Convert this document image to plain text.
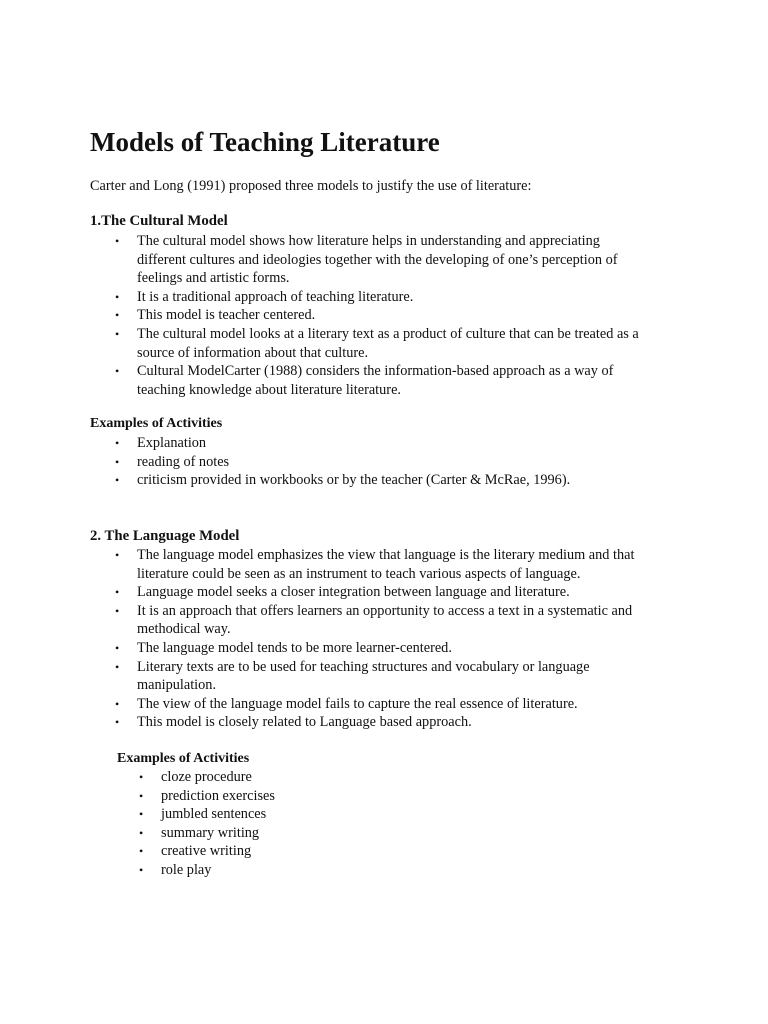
Models of Teaching Literature

Carter and Long (1991) proposed three models to justify the use of literature:

1.The Cultural Model
• The cultural model shows how literature helps in understanding and appreciating
different cultures and ideologies together with the developing of one’s perception of
feelings and artistic forms.
• It is a traditional approach of teaching literature.
• This model is teacher centered.
• The cultural model looks at a literary text as a product of culture that can be treated as a
source of information about that culture.
• Cultural ModelCarter (1988) considers the information-based approach as a way of
teaching knowledge about literature literature.
Examples of Activities
• Explanation
• reading of notes
• criticism provided in workbooks or by the teacher (Carter & McRae, 1996).
2. The Language Model
• The language model emphasizes the view that language is the literary medium and that
literature could be seen as an instrument to teach various aspects of language.
• Language model seeks a closer integration between language and literature.
• It is an approach that offers learners an opportunity to access a text in a systematic and
methodical way.
• The language model tends to be more learner-centered.
• Literary texts are to be used for teaching structures and vocabulary or language
manipulation.
• The view of the language model fails to capture the real essence of literature.
• This model is closely related to Language based approach.
Examples of Activities
• cloze procedure
• prediction exercises
• jumbled sentences
• summary writing
• creative writing
• role play
